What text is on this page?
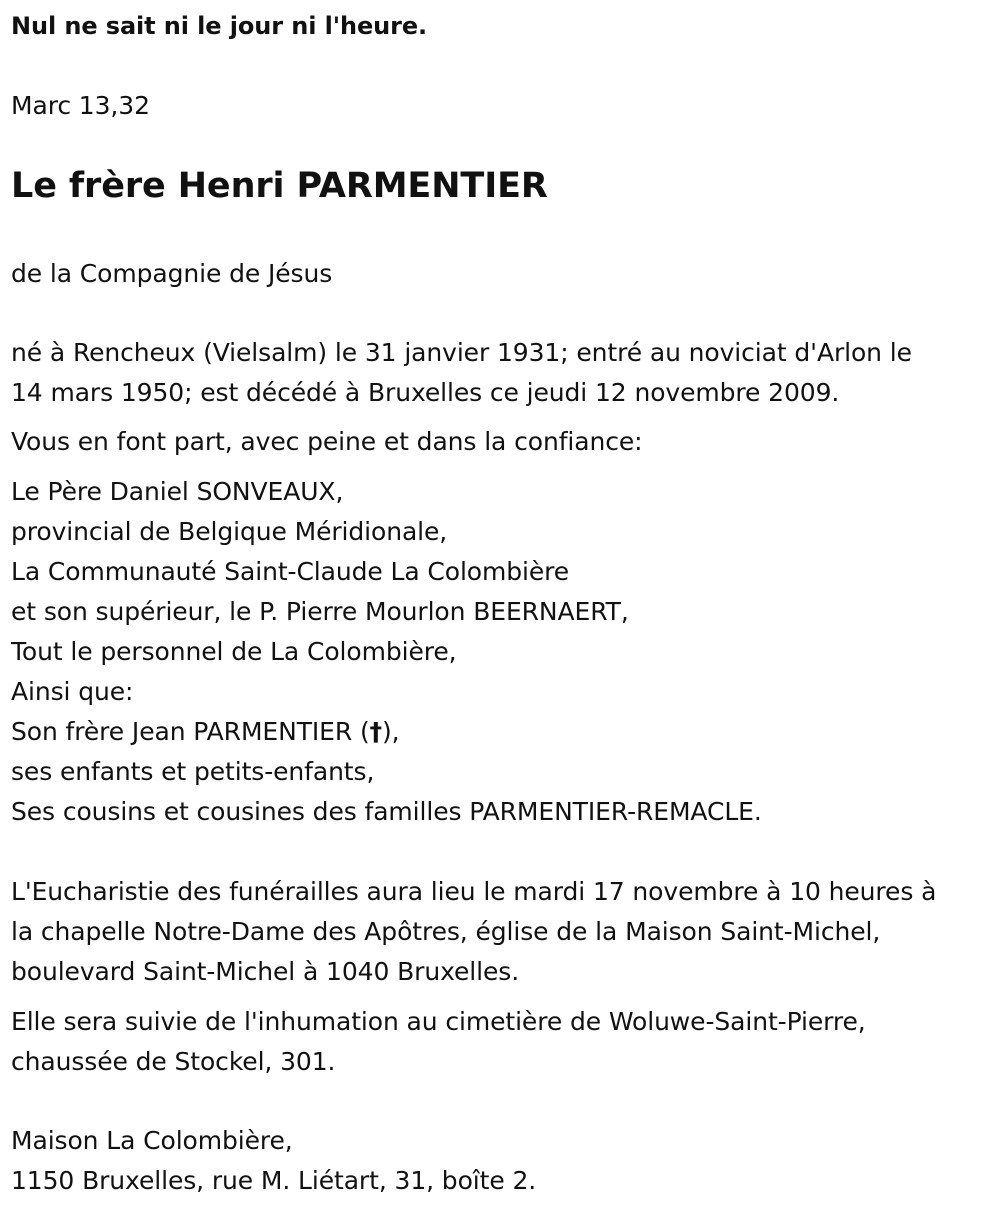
Nul ne sait ni le jour ni l'heure.
Marc 13,32
Le frère Henri PARMENTIER
de la Compagnie de Jésus
né à Rencheux (Vielsalm) le 31 janvier 1931; entré au noviciat d'Arlon le
14 mars 1950; est décédé à Bruxelles ce jeudi 12 novembre 2009.
Vous en font part, avec peine et dans la confiance:
Le Père Daniel SONVEAUX,
provincial de Belgique Méridionale,
La Communauté Saint-Claude La Colombière
et son supérieur, le P. Pierre Mourlon BEERNAERT,
Tout le personnel de La Colombière,
Ainsi que:
Son frère Jean PARMENTIER (†),
ses enfants et petits-enfants,
Ses cousins et cousines des familles PARMENTIER-REMACLE.
L'Eucharistie des funérailles aura lieu le mardi 17 novembre à 10 heures à
la chapelle Notre-Dame des Apôtres, église de la Maison Saint-Michel,
boulevard Saint-Michel à 1040 Bruxelles.
Elle sera suivie de l'inhumation au cimetière de Woluwe-Saint-Pierre,
chaussée de Stockel, 301.
Maison La Colombière,
1150 Bruxelles, rue M. Liétart, 31, boîte 2.
